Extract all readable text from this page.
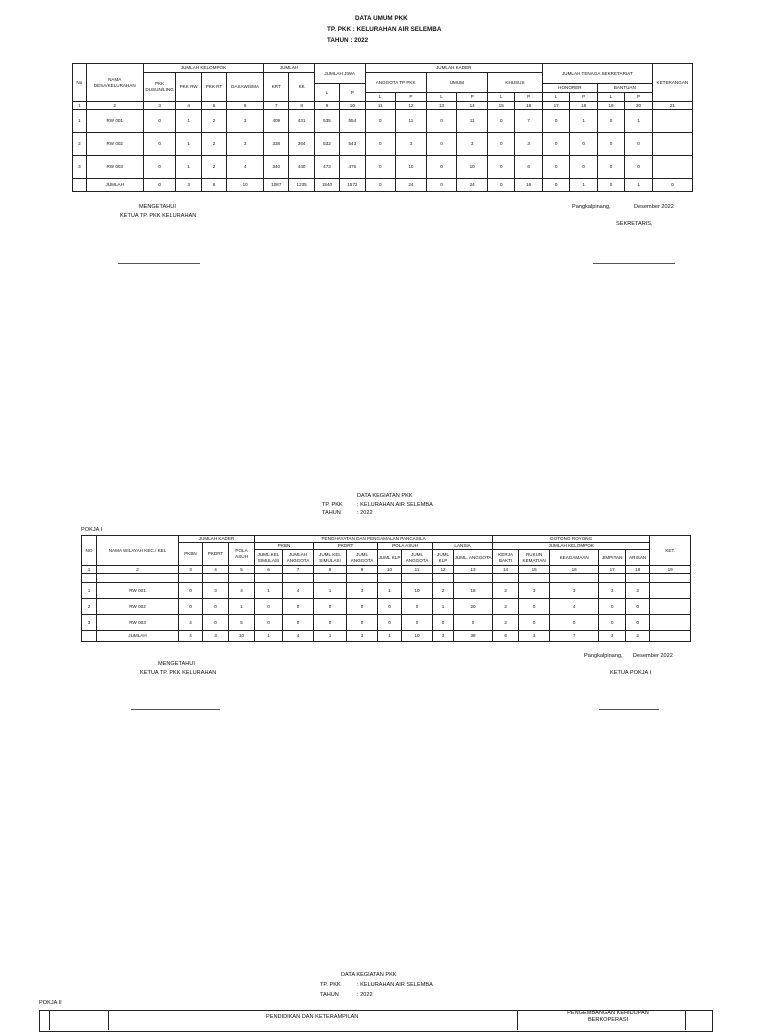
DATA UMUM PKK
TP. PKK : KELURAHAN AIR SELEMBA
TAHUN : 2022
No	NAMA DESA/KELURAHAN	JUMLAH KELOMPOK				JUMLAH		JUMLAH JIWA		JUMLAH KADER						JUMLAH TENAGA SEKRETARIAT				KETERANGAN
		PKK DUSUN/LING	PKK RW	PKK RT	DASAWISMA	KRT	KK			ANGGOTA TP PKK		UMUM		KHUSUS						
								L	P							HONORER		BANTUAN		
										L	P	L	P	L	P	L	P	L	P	
1	2	3	4	5	6	7	8	9	10	11	12	13	14	15	16	17	18	19	20	21
1	RW 001	0	1	2	3	409	431	535	554	0	11	0	11	0	7	0	1	0	1	
2	RW 002	0	1	2	3	338	364	532	543	0	3	0	3	0	3	0	0	0	0	
3	RW 003	0	1	2	4	340	440	473	475	0	10	0	10	0	6	0	0	0	0	
	JUMLAH	0	3	6	10	1087	1235	1540	1572	0	24	0	24	0	16	0	1	0	1	0
MENGETAHUI
KETUA TP. PKK KELURAHAN
Pangkalpinang,	Desember 2022
SEKRETARIS,
DATA KEGIATAN PKK
TP. PKK	: KELURAHAN AIR SELEMBA
TAHUN	: 2022
POKJA I
NO	NAMA WILAYAH KEC./ KEL	JUMLAH KADER			PENGHAYATAN DAN PENGAMALAN PANCASILA								GOTONG ROYONG					KET.
		PKBN	PKDRT	POLA ASUH	PKBN		PKDRT		POLA ASUH		LANSIA		JUMLAH KELOMPOK					
					JUML.KEL SIMULASI	JUMLAH ANGGOTA	JUML.KEL SIMULASI	JUML ANGGOTA	JUML KLP	JUML ANGGOTA	JUML KLP	JUML. ANGGOTA	KERJA BAKTI	RUKUN KEMATIAN	KEAGAMAAN	JIMPITAN	ARISAN	
1	2	3	4	5	6	7	8	9	10	11	12	13	14	15	16	17	18	19

1	RW 001	0	3	4	1	4	1	3	1	10	2	18	2	3	3	3	2	
2	RW 002	0	0	1	0	0	0	0	0	0	1	20	2	0	4	0	0	
3	RW 003	4	0	5	0	0	0	0	0	0	0	0	2	0	0	0	0	
	JUMLAH	4	3	10	1	4	1	3	1	10	3	38	6	3	7	3	2	
Pangkalpinang, Desember 2022
MENGETAHUI
KETUA TP. PKK KELURAHAN	KETUA POKJA I
DATA KEGIATAN PKK
TP. PKK	: KELURAHAN AIR SELEMBA
TAHUN	: 2022
POKJA II
PENDIDIKAN DAN KETERAMPILAN
PENGEMBANGAN KEHIDUPAN BERKOPERASI
